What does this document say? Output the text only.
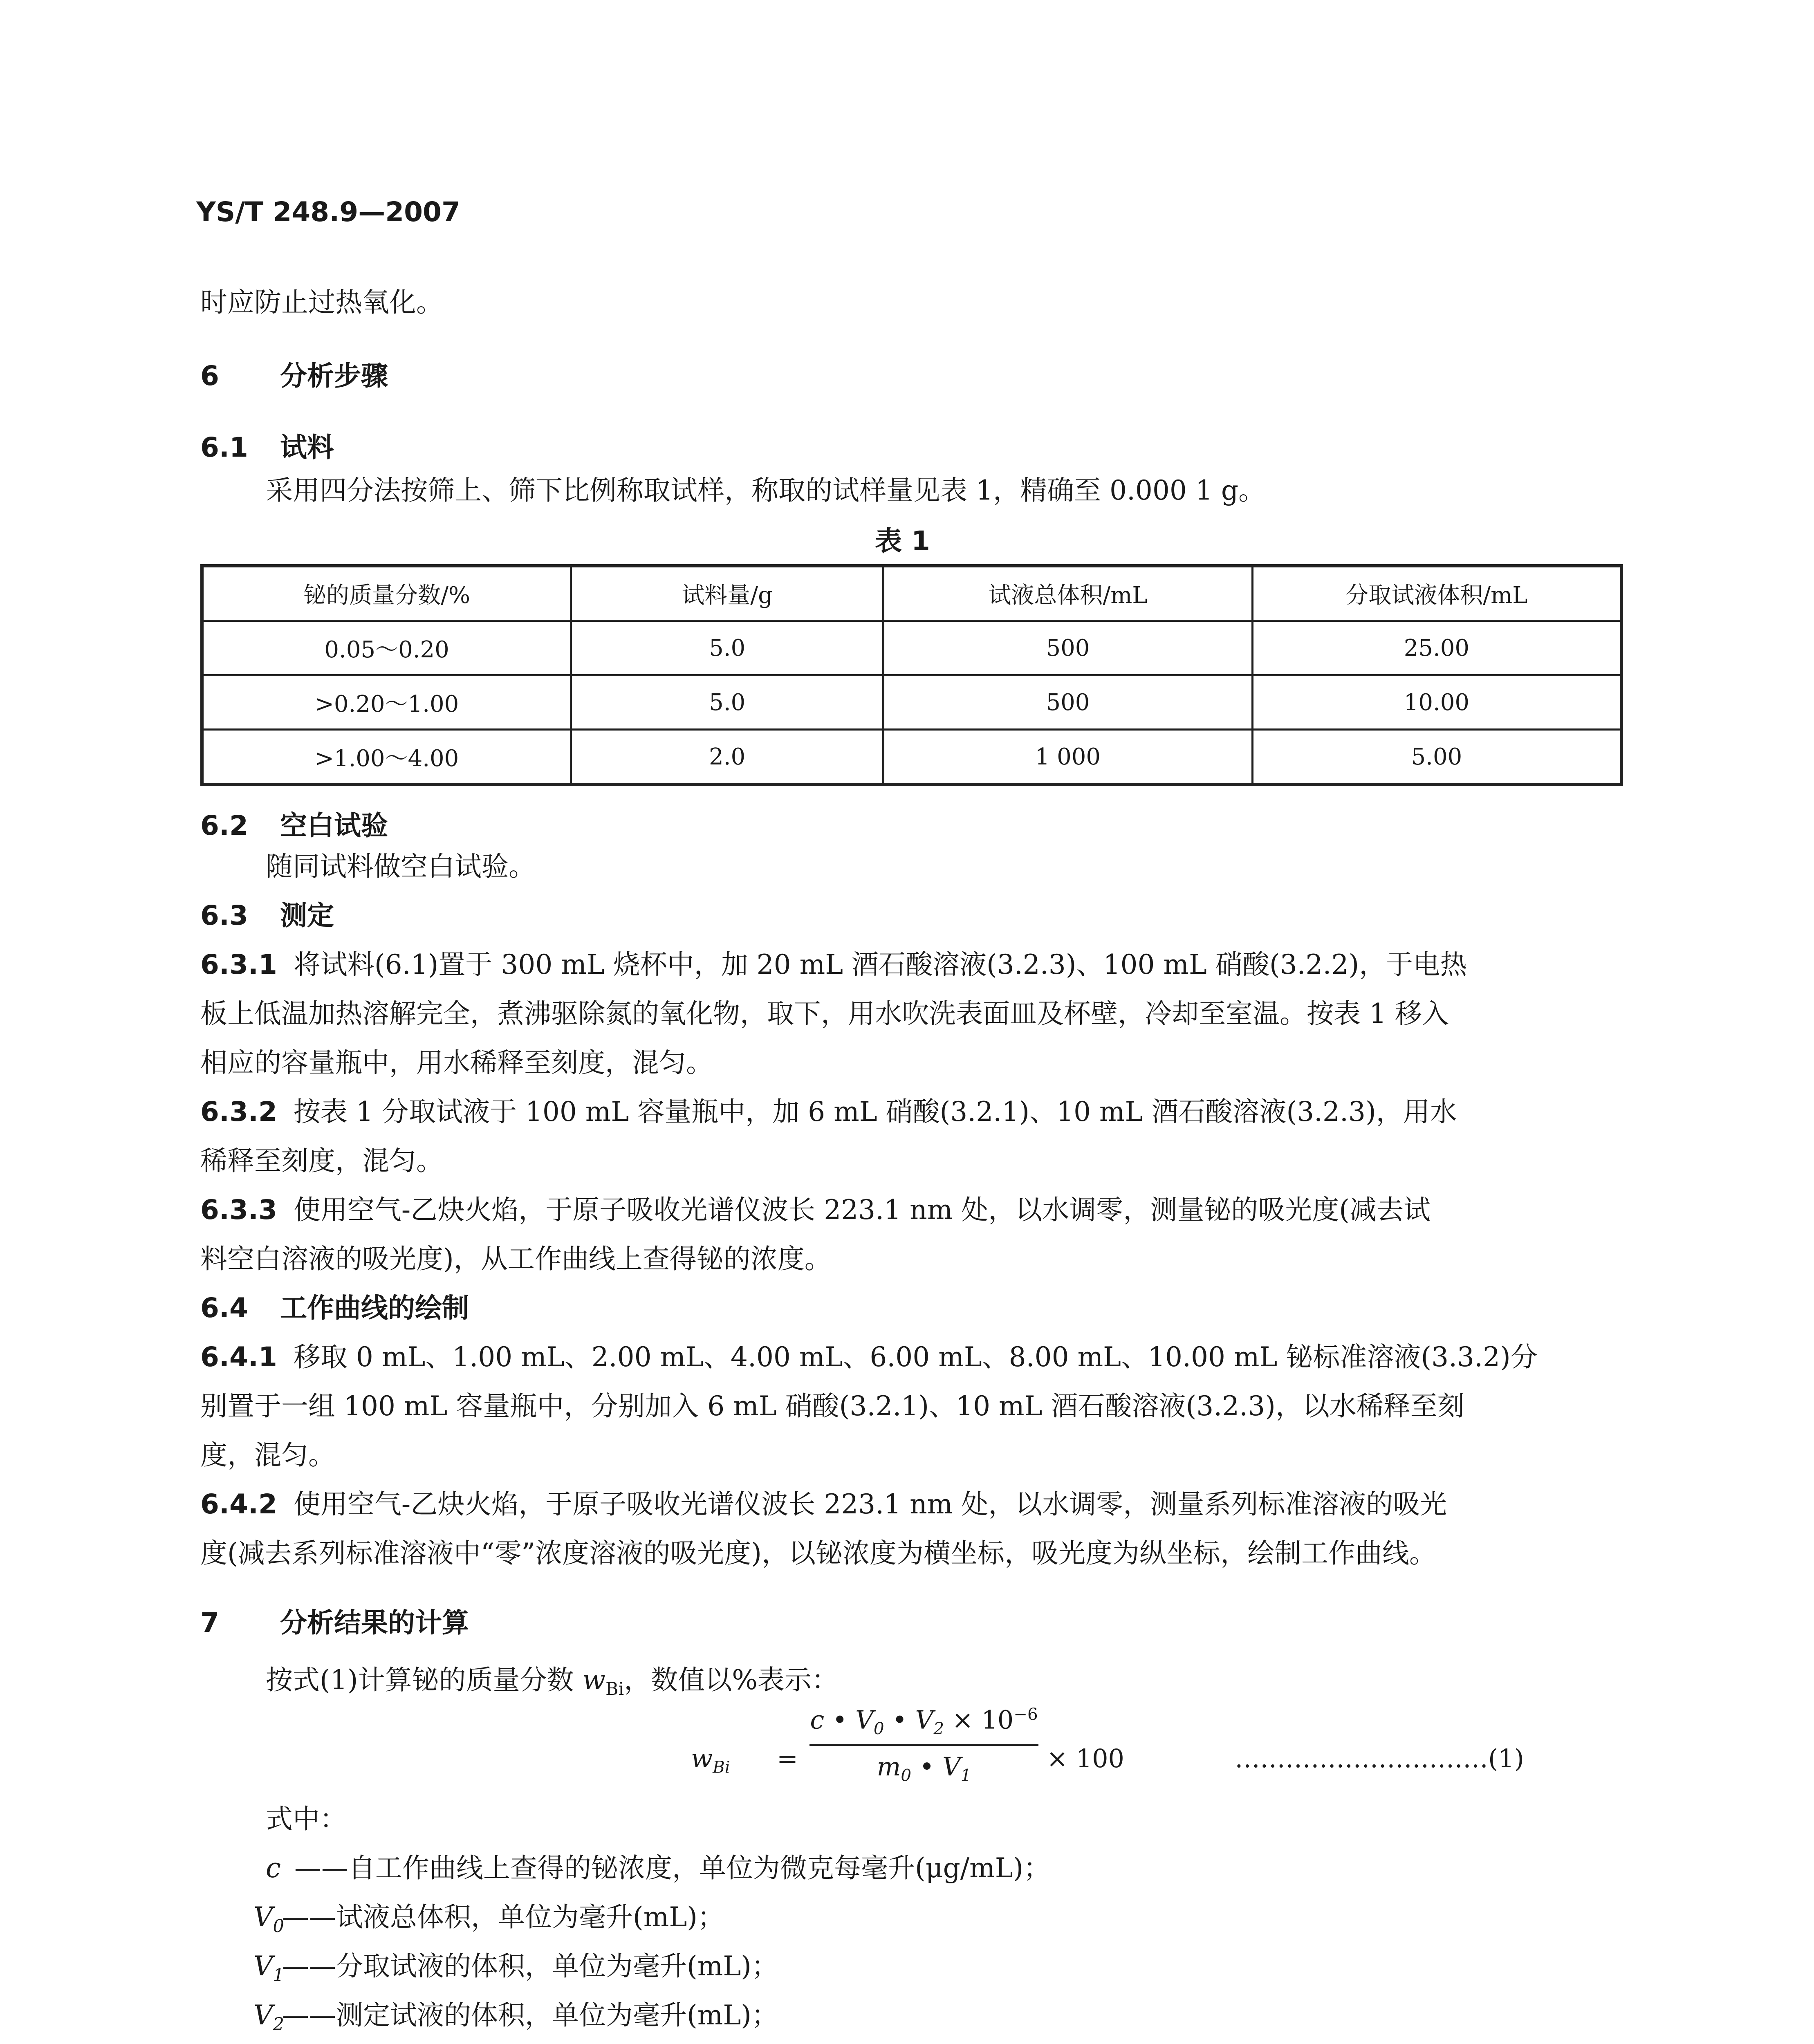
YS/T 248.9—2007
时应防止过热氧化。
6 分析步骤
6.1 试料
采用四分法按筛上、筛下比例称取试样，称取的试样量见表 1，精确至 0.000 1 g。
表 1
铋的质量分数/%	试料量/g	试液总体积/mL	分取试液体积/mL
0.05～0.20	5.0	500	25.00
>0.20～1.00	5.0	500	10.00
>1.00～4.00	2.0	1 000	5.00
6.2 空白试验
随同试料做空白试验。
6.3 测定
6.3.1 将试料(6.1)置于 300 mL 烧杯中，加 20 mL 酒石酸溶液(3.2.3)、100 mL 硝酸(3.2.2)，于电热
板上低温加热溶解完全，煮沸驱除氮的氧化物，取下，用水吹洗表面皿及杯壁，冷却至室温。按表 1 移入
相应的容量瓶中，用水稀释至刻度，混匀。
6.3.2 按表 1 分取试液于 100 mL 容量瓶中，加 6 mL 硝酸(3.2.1)、10 mL 酒石酸溶液(3.2.3)，用水
稀释至刻度，混匀。
6.3.3 使用空气-乙炔火焰，于原子吸收光谱仪波长 223.1 nm 处，以水调零，测量铋的吸光度(减去试
料空白溶液的吸光度)，从工作曲线上查得铋的浓度。
6.4 工作曲线的绘制
6.4.1 移取 0 mL、1.00 mL、2.00 mL、4.00 mL、6.00 mL、8.00 mL、10.00 mL 铋标准溶液(3.3.2)分
别置于一组 100 mL 容量瓶中，分别加入 6 mL 硝酸(3.2.1)、10 mL 酒石酸溶液(3.2.3)，以水稀释至刻
度，混匀。
6.4.2 使用空气-乙炔火焰，于原子吸收光谱仪波长 223.1 nm 处，以水调零，测量系列标准溶液的吸光
度(减去系列标准溶液中“零”浓度溶液的吸光度)，以铋浓度为横坐标，吸光度为纵坐标，绘制工作曲线。
7 分析结果的计算
按式(1)计算铋的质量分数 $w_{Bi}$，数值以%表示：
$w_{Bi}$ =
c • $V_0$ • $V_2 \times 10^{-6}$
$m_0$ • $V_1$
× 100	…………………………(1)
式中：
c ——自工作曲线上查得的铋浓度，单位为微克每毫升(μg/mL)；
$V_0——$试液总体积，单位为毫升(mL)；
$V_1——$分取试液的体积，单位为毫升(mL)；
$V_2——$测定试液的体积，单位为毫升(mL)；
